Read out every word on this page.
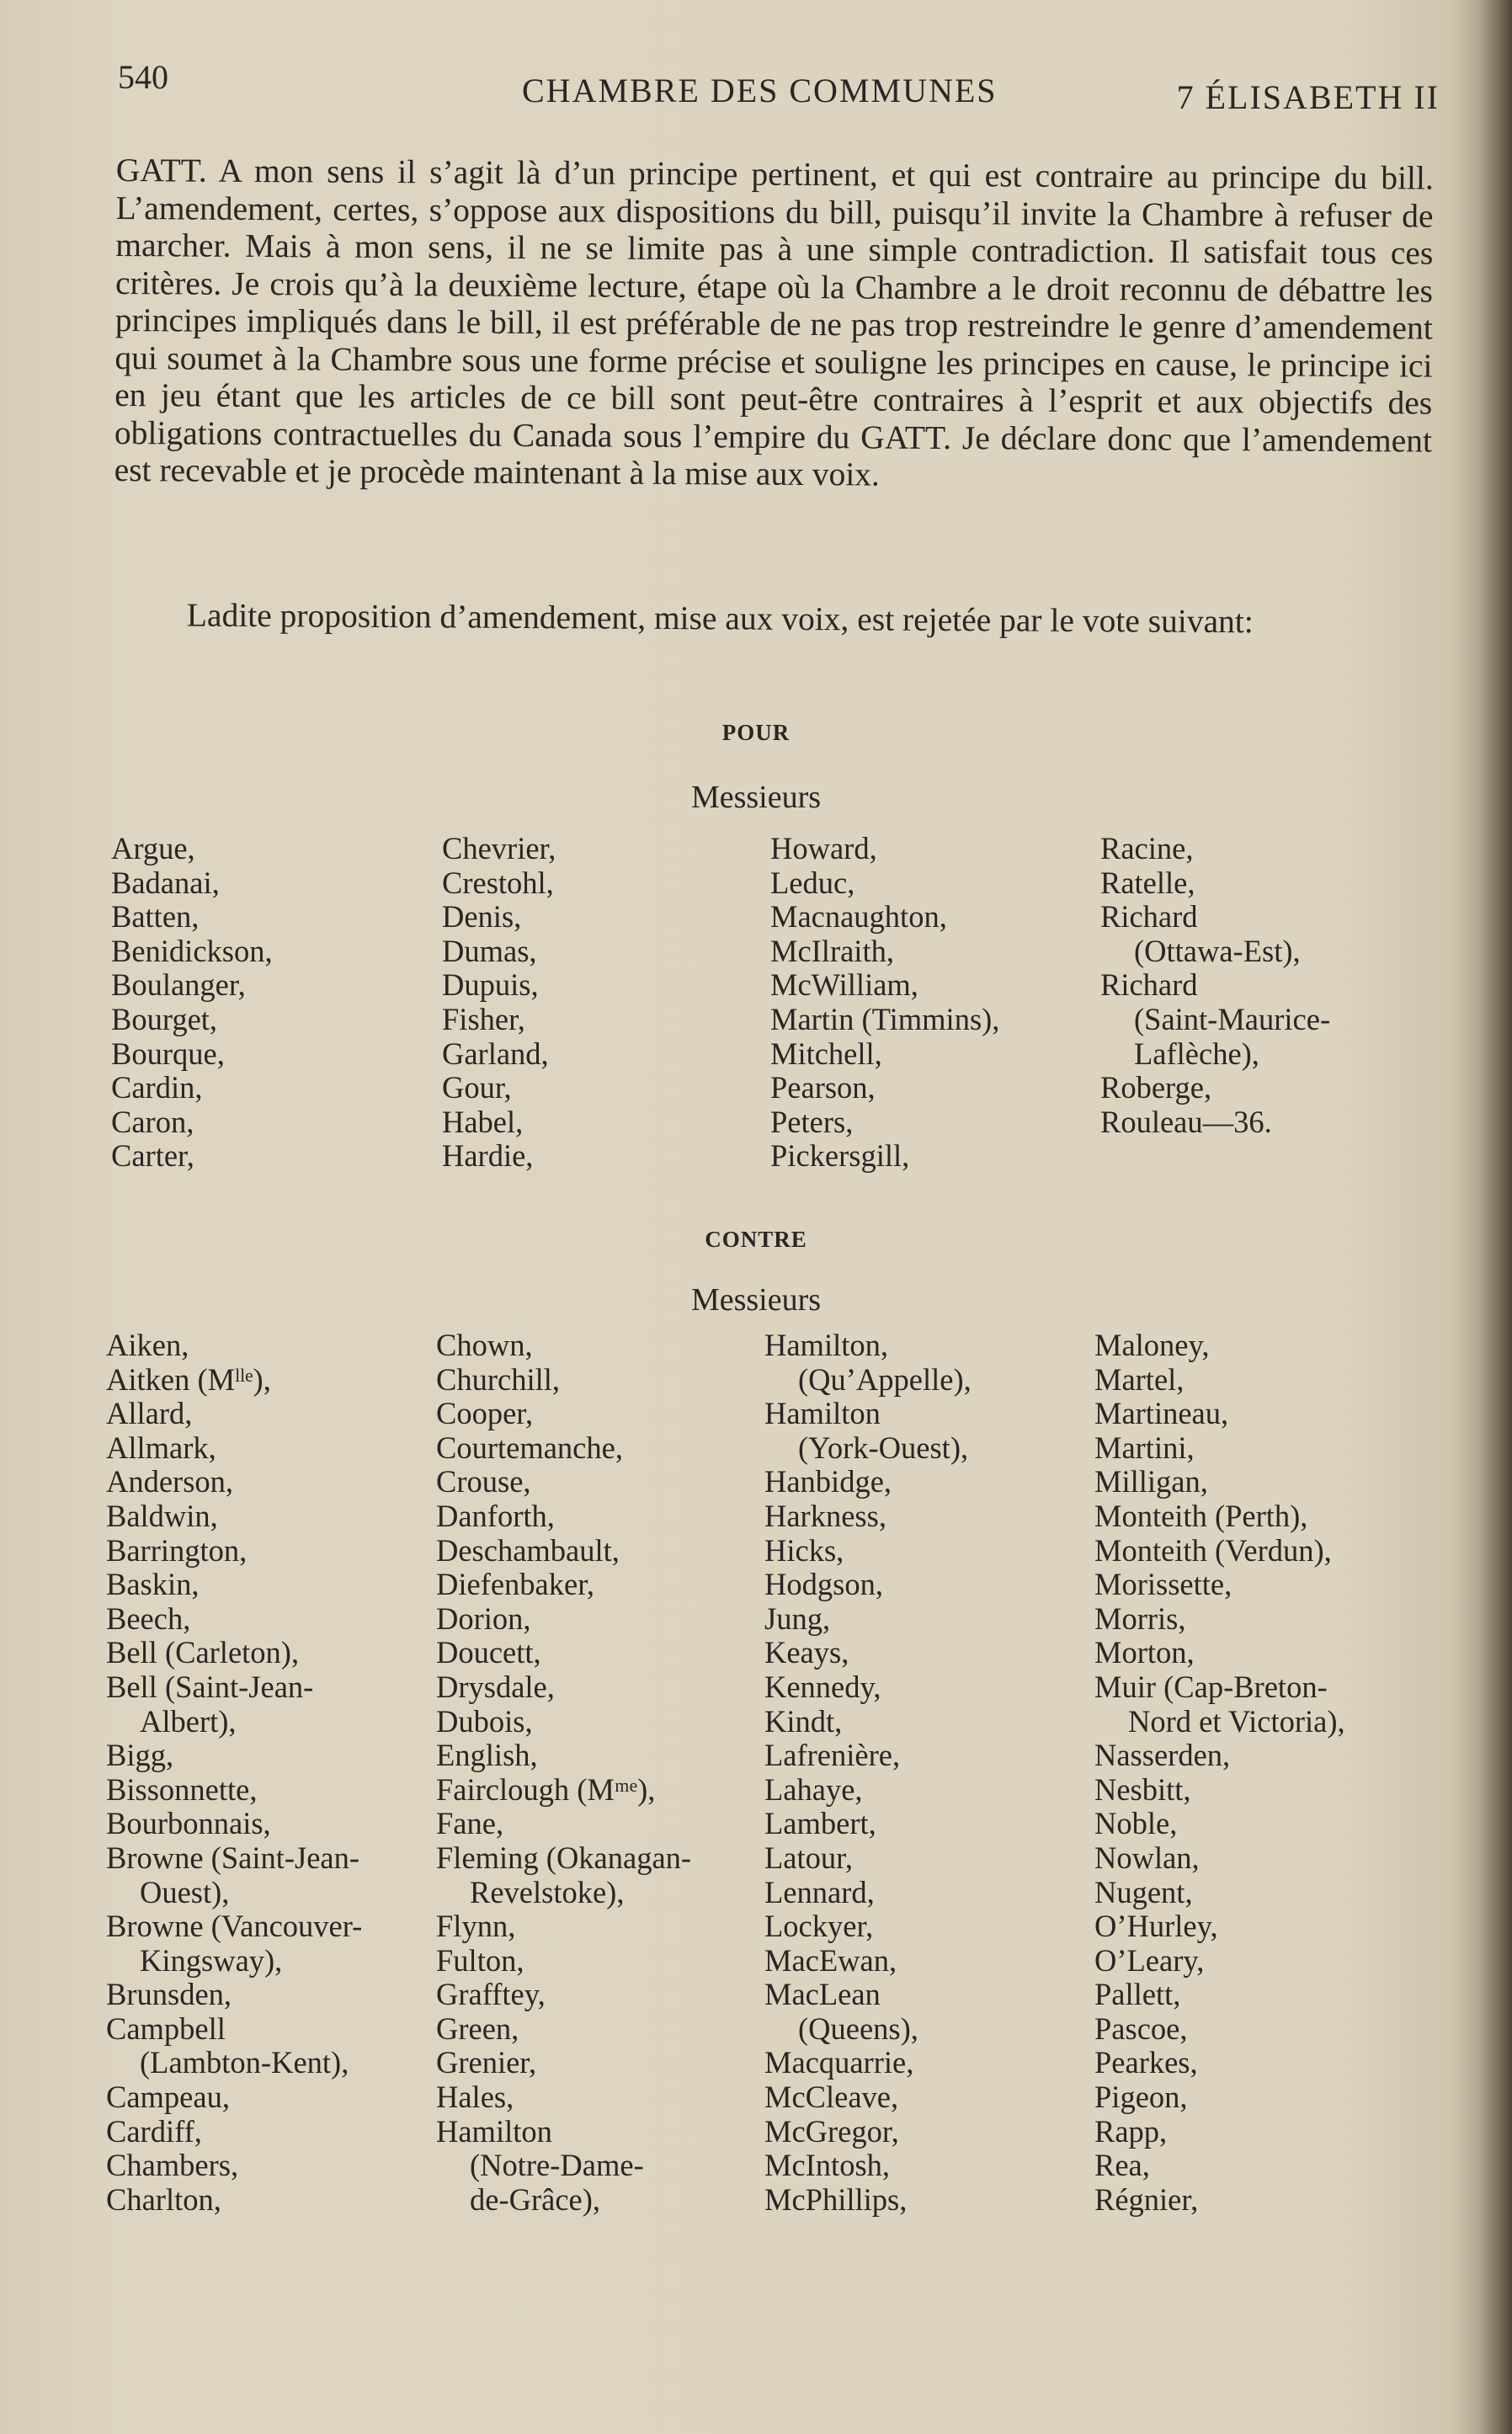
540	CHAMBRE DES COMMUNES	7 ÉLISABETH II
GATT. A mon sens il s’agit là d’un principe pertinent, et qui est contraire au principe du bill. L’amendement, certes, s’oppose aux dispositions du bill, puisqu’il invite la Chambre à refuser de marcher. Mais à mon sens, il ne se limite pas à une simple contradiction. Il satisfait tous ces critères. Je crois qu’à la deuxième lecture, étape où la Chambre a le droit reconnu de débattre les principes impliqués dans le bill, il est préférable de ne pas trop restreindre le genre d’amendement qui soumet à la Chambre sous une forme précise et souligne les principes en cause, le principe ici en jeu étant que les articles de ce bill sont peut-être contraires à l’esprit et aux objectifs des obligations contractuelles du Canada sous l’empire du GATT. Je déclare donc que l’amendement est recevable et je procède maintenant à la mise aux voix.
Ladite proposition d’amendement, mise aux voix, est rejetée par le vote suivant:
POUR
Messieurs
Argue,
Badanai,
Batten,
Benidickson,
Boulanger,
Bourget,
Bourque,
Cardin,
Caron,
Carter,
Chevrier,
Crestohl,
Denis,
Dumas,
Dupuis,
Fisher,
Garland,
Gour,
Habel,
Hardie,
Howard,
Leduc,
Macnaughton,
McIlraith,
McWilliam,
Martin (Timmins),
Mitchell,
Pearson,
Peters,
Pickersgill,
Racine,
Ratelle,
Richard
(Ottawa-Est),
Richard
(Saint-Maurice-
Laflèche),
Roberge,
Rouleau—36.
CONTRE
Messieurs
Aiken,
Aitken (Mˡˡᵉ),
Allard,
Allmark,
Anderson,
Baldwin,
Barrington,
Baskin,
Beech,
Bell (Carleton),
Bell (Saint-Jean-
Albert),
Bigg,
Bissonnette,
Bourbonnais,
Browne (Saint-Jean-
Ouest),
Browne (Vancouver-
Kingsway),
Brunsden,
Campbell
(Lambton-Kent),
Campeau,
Cardiff,
Chambers,
Charlton,
Chown,
Churchill,
Cooper,
Courtemanche,
Crouse,
Danforth,
Deschambault,
Diefenbaker,
Dorion,
Doucett,
Drysdale,
Dubois,
English,
Fairclough (Mᵐᵉ),
Fane,
Fleming (Okanagan-
Revelstoke),
Flynn,
Fulton,
Grafftey,
Green,
Grenier,
Hales,
Hamilton
(Notre-Dame-
de-Grâce),
Hamilton,
(Qu’Appelle),
Hamilton
(York-Ouest),
Hanbidge,
Harkness,
Hicks,
Hodgson,
Jung,
Keays,
Kennedy,
Kindt,
Lafrenière,
Lahaye,
Lambert,
Latour,
Lennard,
Lockyer,
MacEwan,
MacLean
(Queens),
Macquarrie,
McCleave,
McGregor,
McIntosh,
McPhillips,
Maloney,
Martel,
Martineau,
Martini,
Milligan,
Monteith (Perth),
Monteith (Verdun),
Morissette,
Morris,
Morton,
Muir (Cap-Breton-
Nord et Victoria),
Nasserden,
Nesbitt,
Noble,
Nowlan,
Nugent,
O’Hurley,
O’Leary,
Pallett,
Pascoe,
Pearkes,
Pigeon,
Rapp,
Rea,
Régnier,
